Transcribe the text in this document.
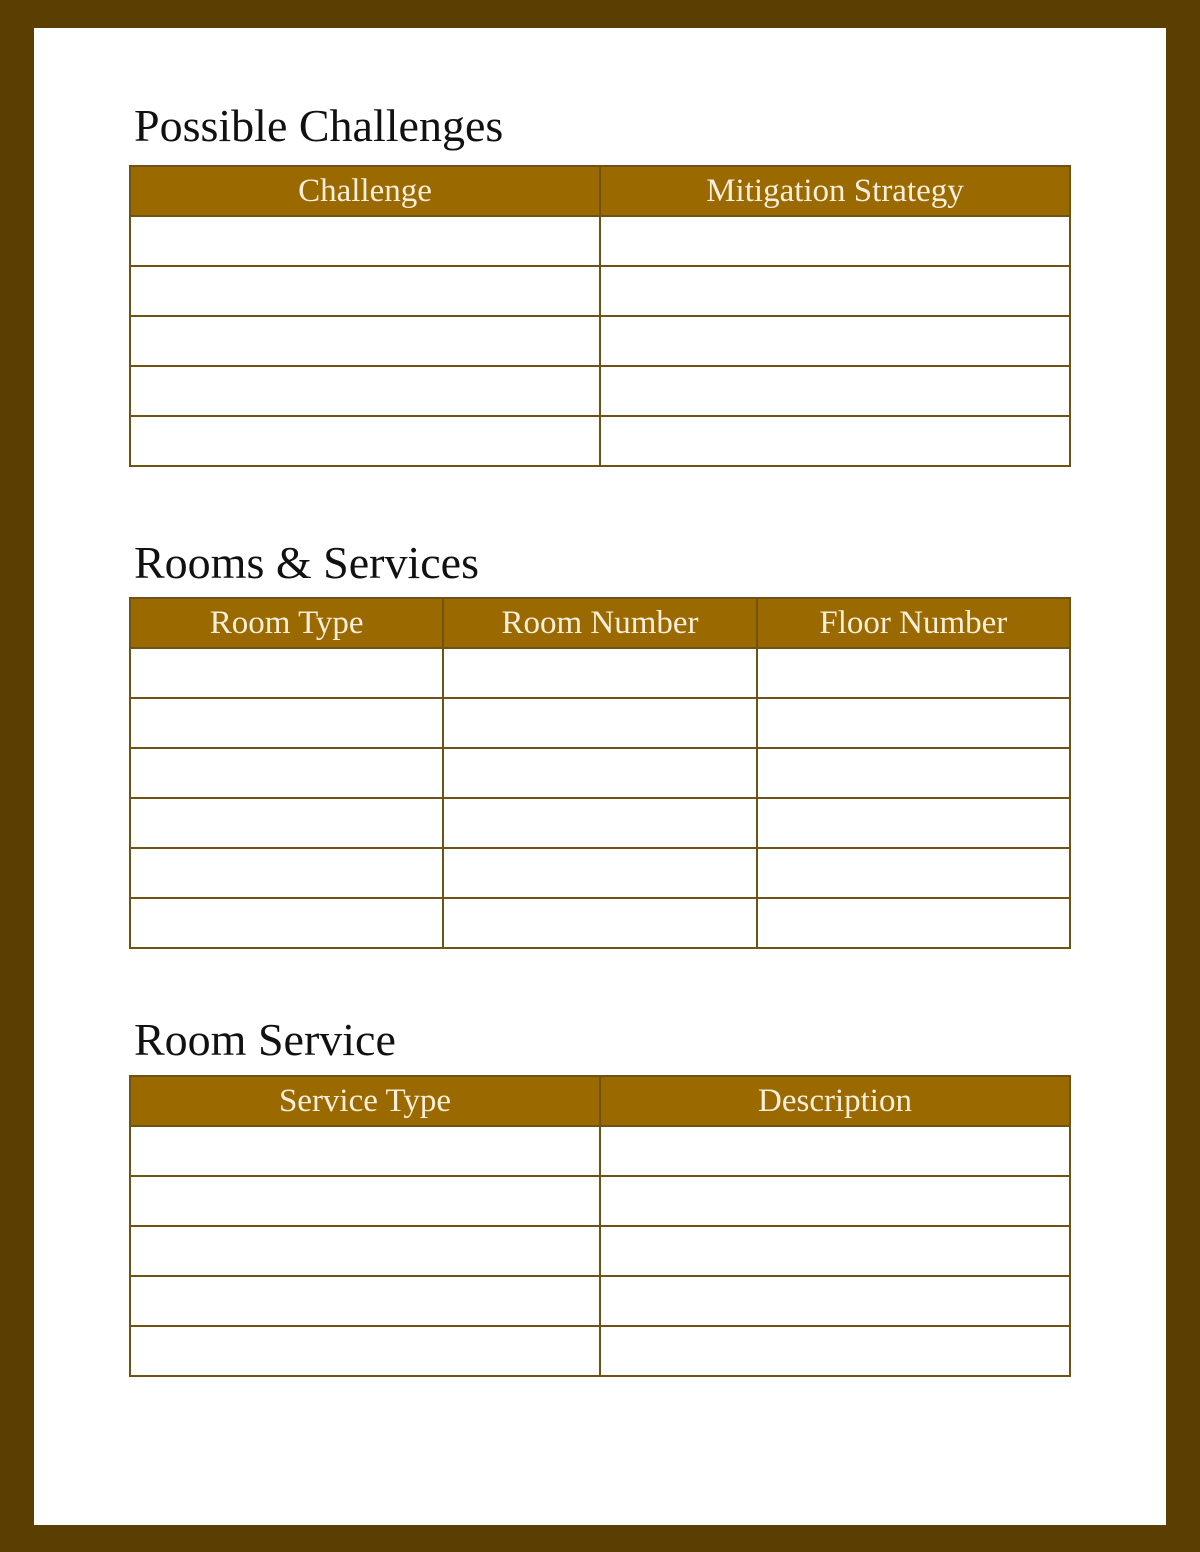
Possible Challenges
Challenge	Mitigation Strategy

Rooms & Services
Room Type	Room Number	Floor Number

Room Service
Service Type	Description
